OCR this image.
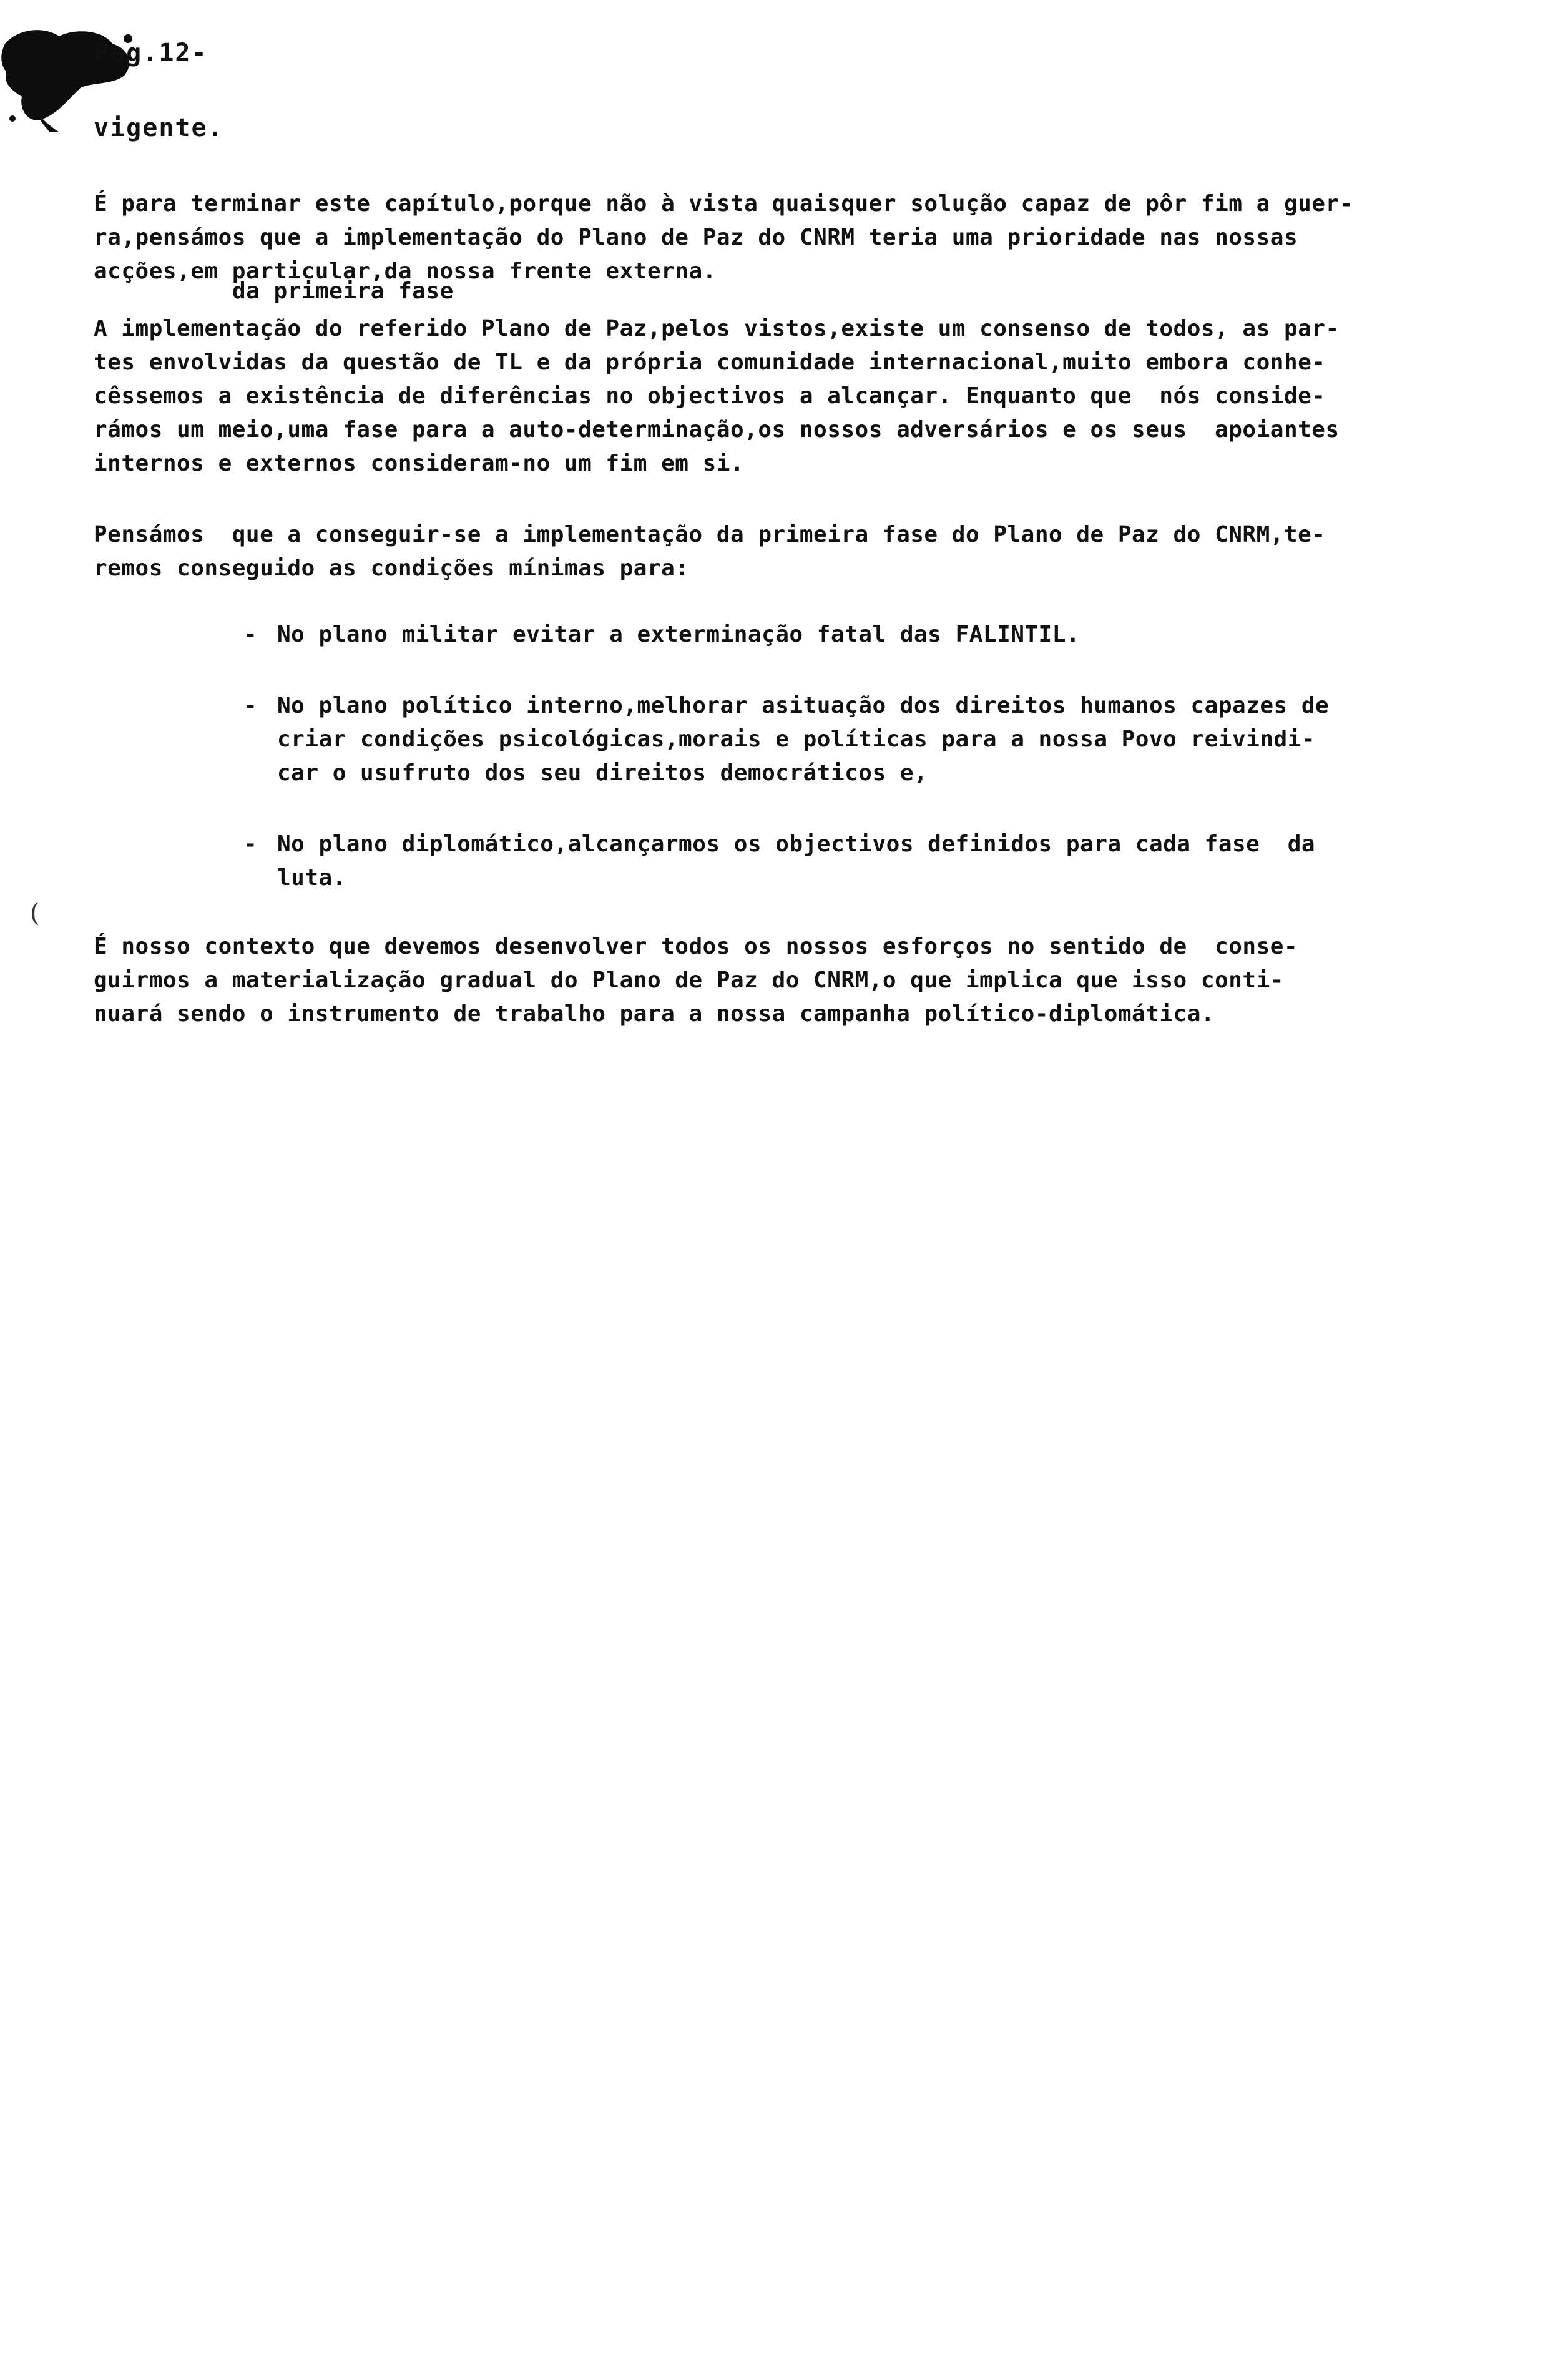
Pag.12-
vigente.

É para terminar este capítulo,porque não à vista quaisquer solução capaz de pôr fim a guer-
ra,pensámos que a implementação do Plano de Paz do CNRM teria uma prioridade nas nossas
acções,em particular,da nossa frente externa.

da primeira fase

A implementação do referido Plano de Paz,pelos vistos,existe um consenso de todos, as par-
tes envolvidas da questão de TL e da própria comunidade internacional,muito embora conhe-
cêssemos a existência de diferências no objectivos a alcançar. Enquanto que  nós conside-
rámos um meio,uma fase para a auto-determinação,os nossos adversários e os seus  apoiantes
internos e externos consideram-no um fim em si.

Pensámos  que a conseguir-se a implementação da primeira fase do Plano de Paz do CNRM,te-
remos conseguido as condições mínimas para:

- No plano militar evitar a exterminação fatal das FALINTIL.
- No plano político interno,melhorar asituação dos direitos humanos capazes de
criar condições psicológicas,morais e políticas para a nossa Povo reivindi-
car o usufruto dos seu direitos democráticos e,
- No plano diplomático,alcançarmos os objectivos definidos para cada fase  da
luta.
(

É nosso contexto que devemos desenvolver todos os nossos esforços no sentido de  conse-
guirmos a materialização gradual do Plano de Paz do CNRM,o que implica que isso conti-
nuará sendo o instrumento de trabalho para a nossa campanha político-diplomática.
